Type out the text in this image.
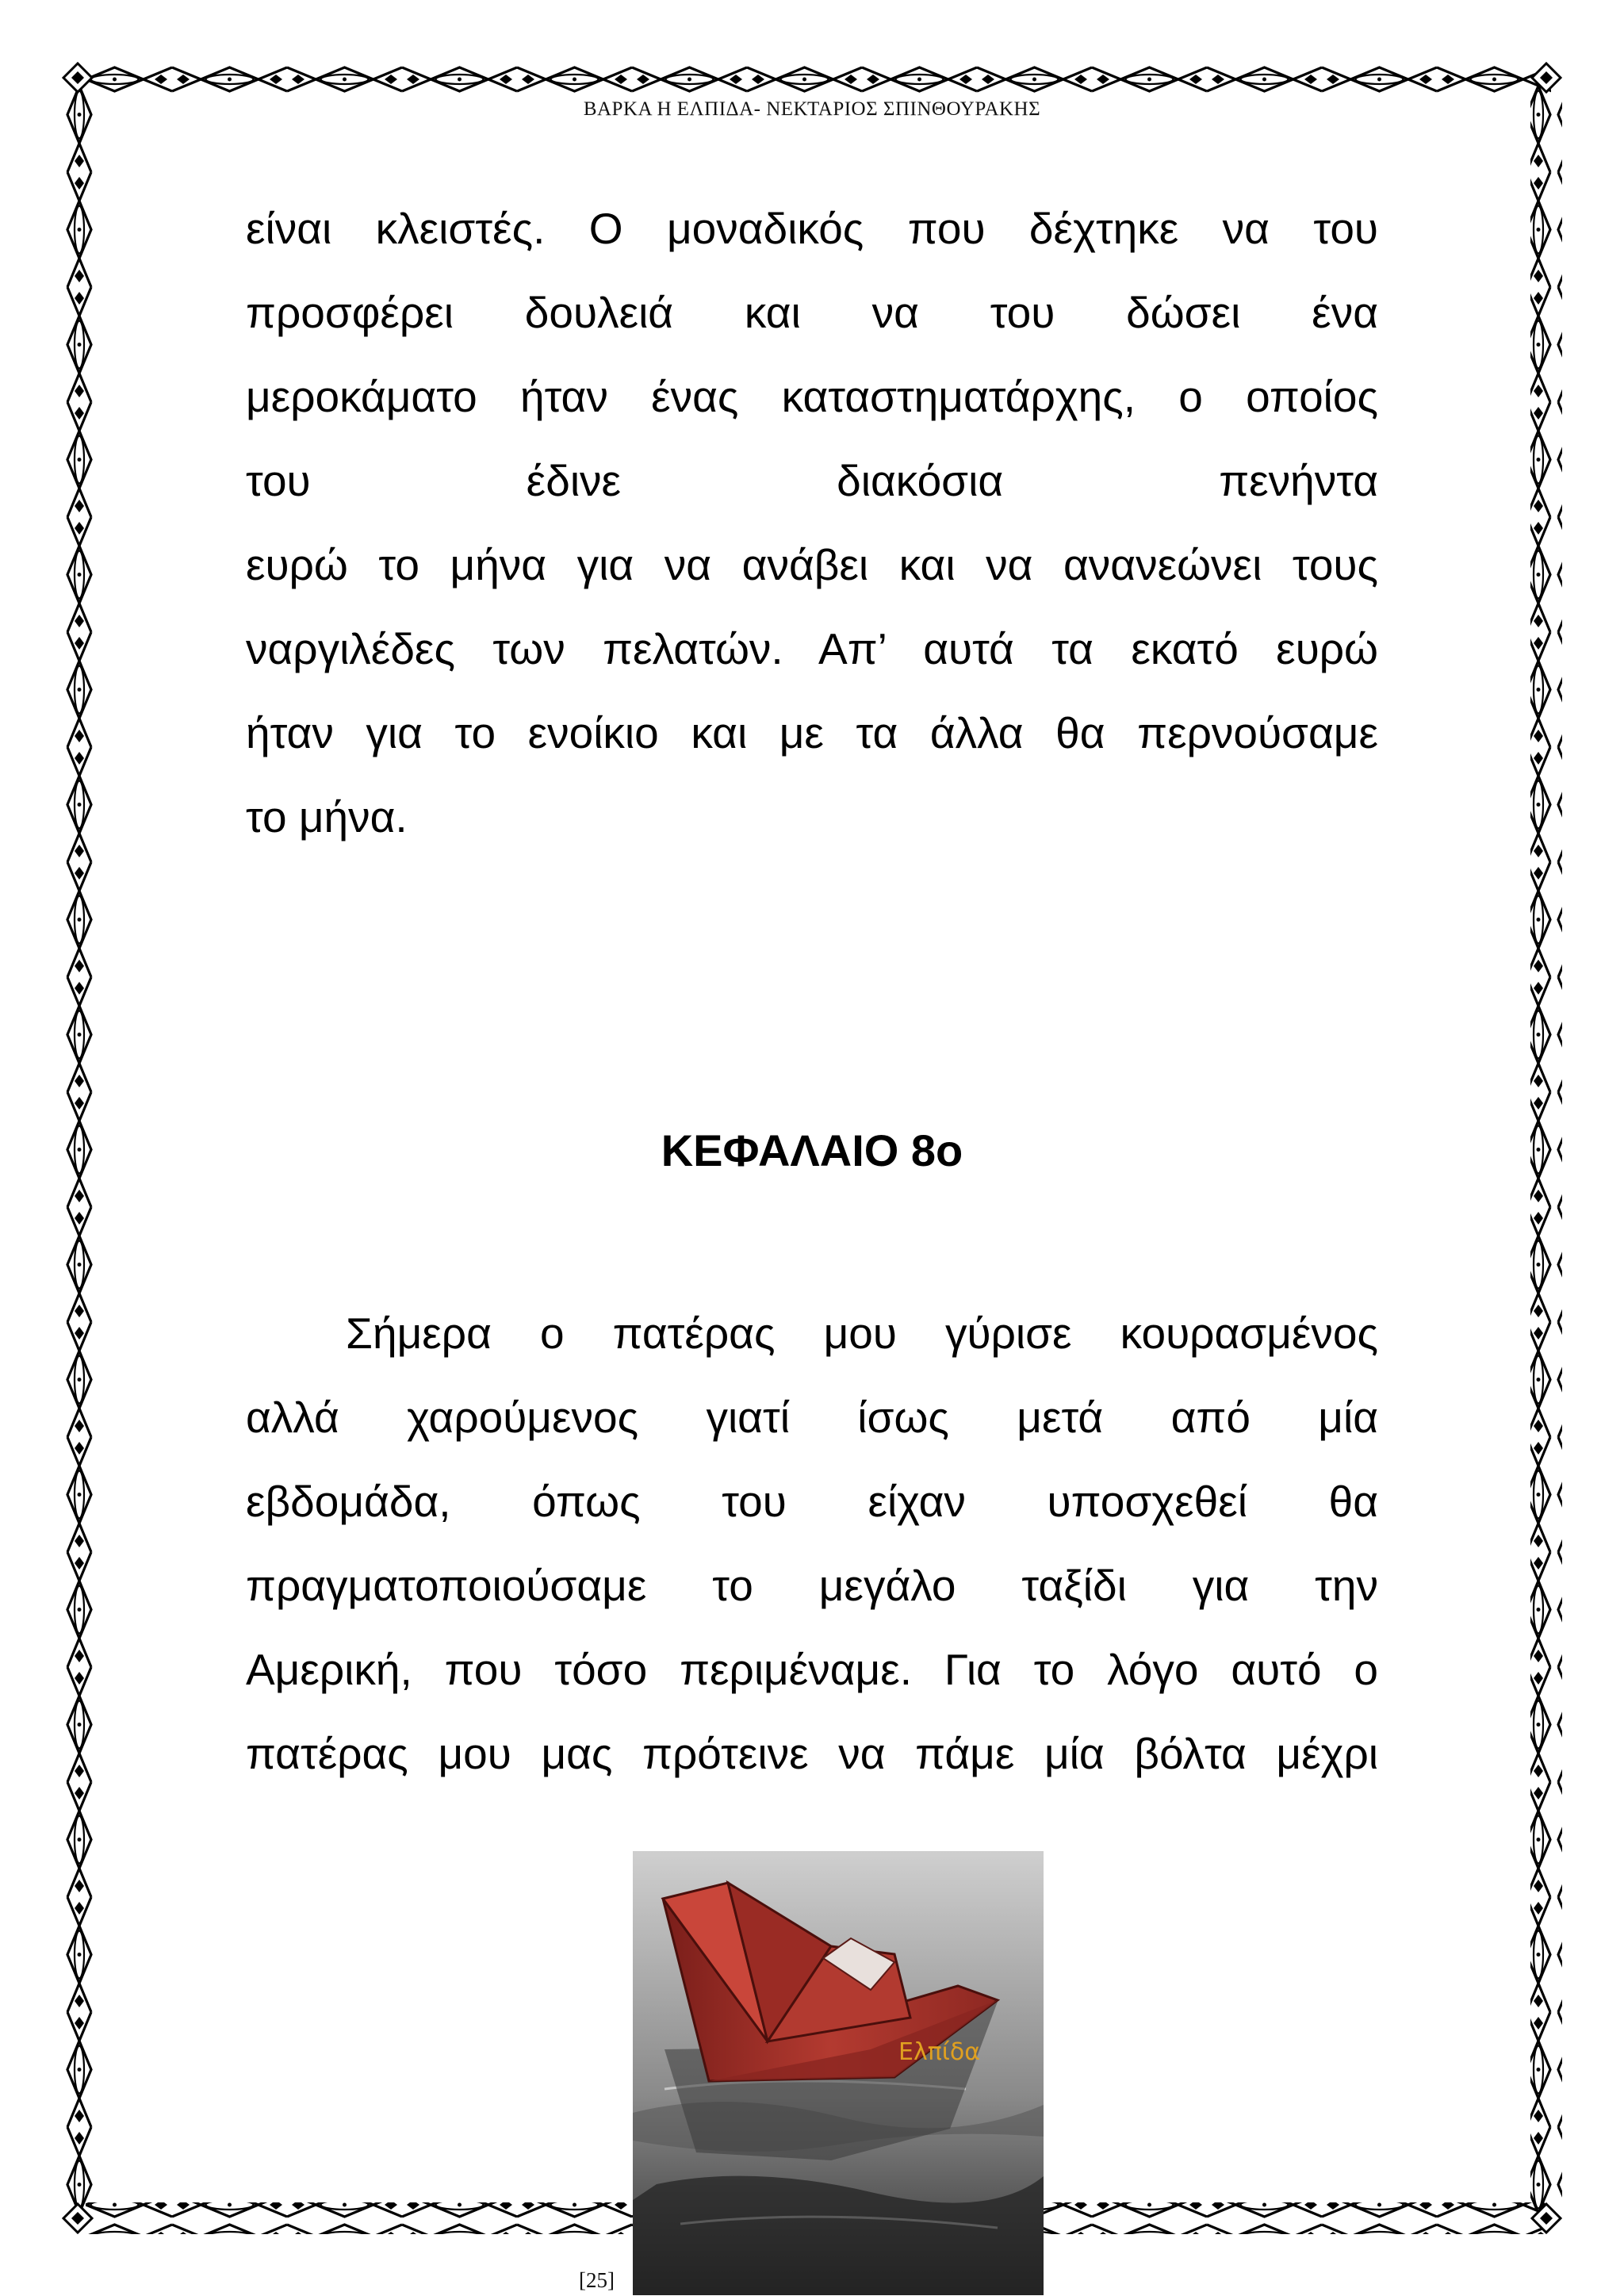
ΒΑΡΚΑ Η ΕΛΠΙΔΑ- ΝΕΚΤΑΡΙΟΣ ΣΠΙΝΘΟΥΡΑΚΗΣ
είναι κλειστές. Ο μοναδικός που δέχτηκε να του
προσφέρει δουλειά και να του δώσει ένα
μεροκάματο ήταν ένας καταστηματάρχης, ο οποίος
του έδινε διακόσια πενήντα
ευρώ το μήνα για να ανάβει και να ανανεώνει τους
ναργιλέδες των πελατών. Απ’ αυτά τα εκατό ευρώ
ήταν για το ενοίκιο και με τα άλλα θα περνούσαμε
το μήνα.
ΚΕΦΑΛΑΙΟ 8ο
Σήμερα ο πατέρας μου γύρισε κουρασμένος
αλλά χαρούμενος γιατί ίσως μετά από μία
εβδομάδα, όπως του είχαν υποσχεθεί θα
πραγματοποιούσαμε το μεγάλο ταξίδι για την
Αμερική, που τόσο περιμέναμε. Για το λόγο αυτό ο
πατέρας μου μας πρότεινε να πάμε μία βόλτα μέχρι
Ελπίδα
[25]
